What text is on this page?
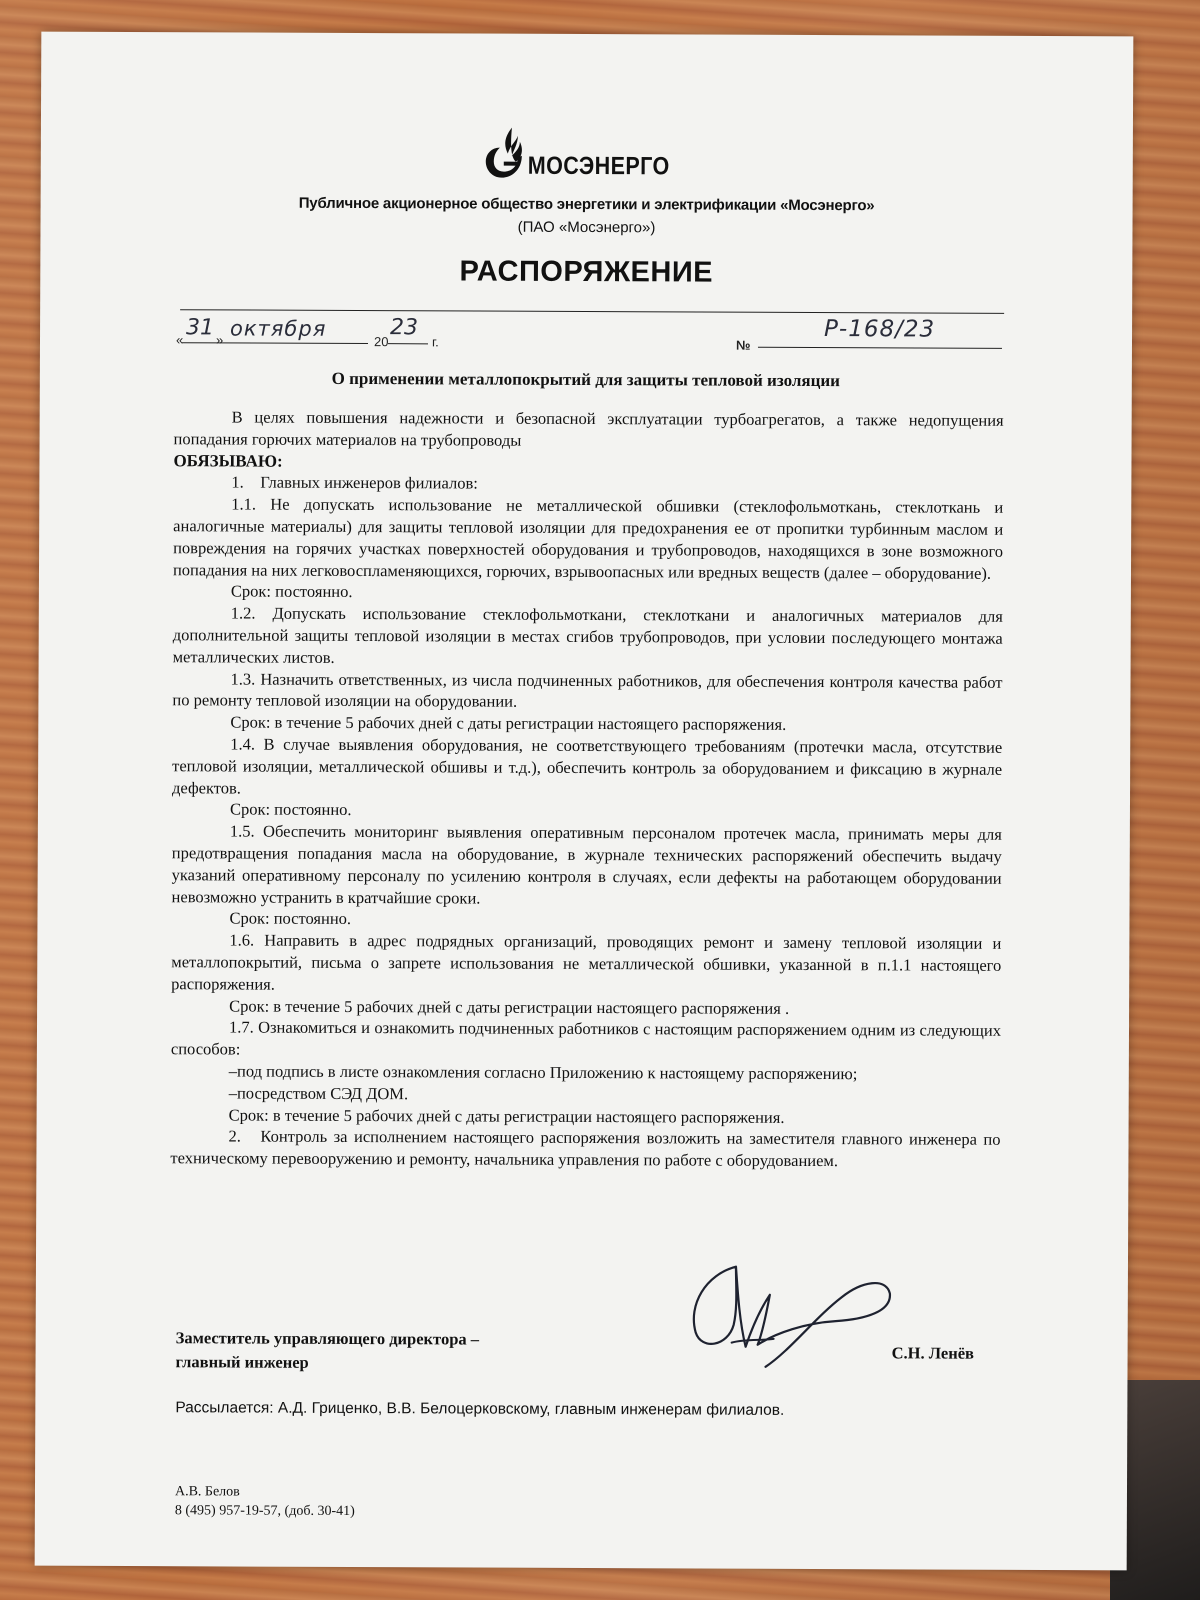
МОСЭНЕРГО
Публичное акционерное общество энергетики и электрификации «Мосэнерго»
(ПАО «Мосэнерго»)
РАСПОРЯЖЕНИЕ
« 31 » октября
20
23
г.	№
Р-168/23
О применении металлопокрытий для защиты тепловой изоляции

В целях повышения надежности и безопасной эксплуатации турбоагрегатов, а также недопущения попадания горючих материалов на трубопроводы

ОБЯЗЫВАЮ:

1.    Главных инженеров филиалов:

1.1. Не допускать использование не металлической обшивки (стеклофольмоткань, стеклоткань и аналогичные материалы) для защиты тепловой изоляции для предохранения ее от пропитки турбинным маслом и повреждения на горячих участках поверхностей оборудования и трубопроводов, находящихся в зоне возможного попадания на них легковоспламеняющихся, горючих, взрывоопасных или вредных веществ (далее – оборудование).

Срок: постоянно.

1.2. Допускать использование стеклофольмоткани, стеклоткани и аналогичных материалов для дополнительной защиты тепловой изоляции в местах сгибов трубопроводов, при условии последующего монтажа металлических листов.

1.3. Назначить ответственных, из числа подчиненных работников, для обеспечения контроля качества работ по ремонту тепловой изоляции на оборудовании.

Срок: в течение 5 рабочих дней с даты регистрации настоящего распоряжения.

1.4. В случае выявления оборудования, не соответствующего требованиям (протечки масла, отсутствие тепловой изоляции, металлической обшивы и т.д.), обеспечить контроль за оборудованием и фиксацию в журнале дефектов.

Срок: постоянно.

1.5. Обеспечить мониторинг выявления оперативным персоналом протечек масла, принимать меры для предотвращения попадания масла на оборудование, в журнале технических распоряжений обеспечить выдачу указаний оперативному персоналу по усилению контроля в случаях, если дефекты на работающем оборудовании невозможно устранить в кратчайшие сроки.

Срок: постоянно.

1.6. Направить в адрес подрядных организаций, проводящих ремонт и замену тепловой изоляции и металлопокрытий, письма о запрете использования не металлической обшивки, указанной в п.1.1 настоящего распоряжения.

Срок: в течение 5 рабочих дней с даты регистрации настоящего распоряжения .

1.7. Ознакомиться и ознакомить подчиненных работников с настоящим распоряжением одним из следующих способов:

–под подпись в листе ознакомления согласно Приложению к настоящему распоряжению;

–посредством СЭД ДОМ.

Срок: в течение 5 рабочих дней с даты регистрации настоящего распоряжения.

2.   Контроль за исполнением настоящего распоряжения возложить на заместителя главного инженера по техническому перевооружению и ремонту, начальника управления по работе с оборудованием.

Заместитель управляющего директора –
главный инженер	С.Н. Ленёв
Рассылается: А.Д. Гриценко, В.В. Белоцерковскому, главным инженерам филиалов.
А.В. Белов
8 (495) 957-19-57, (доб. 30-41)
